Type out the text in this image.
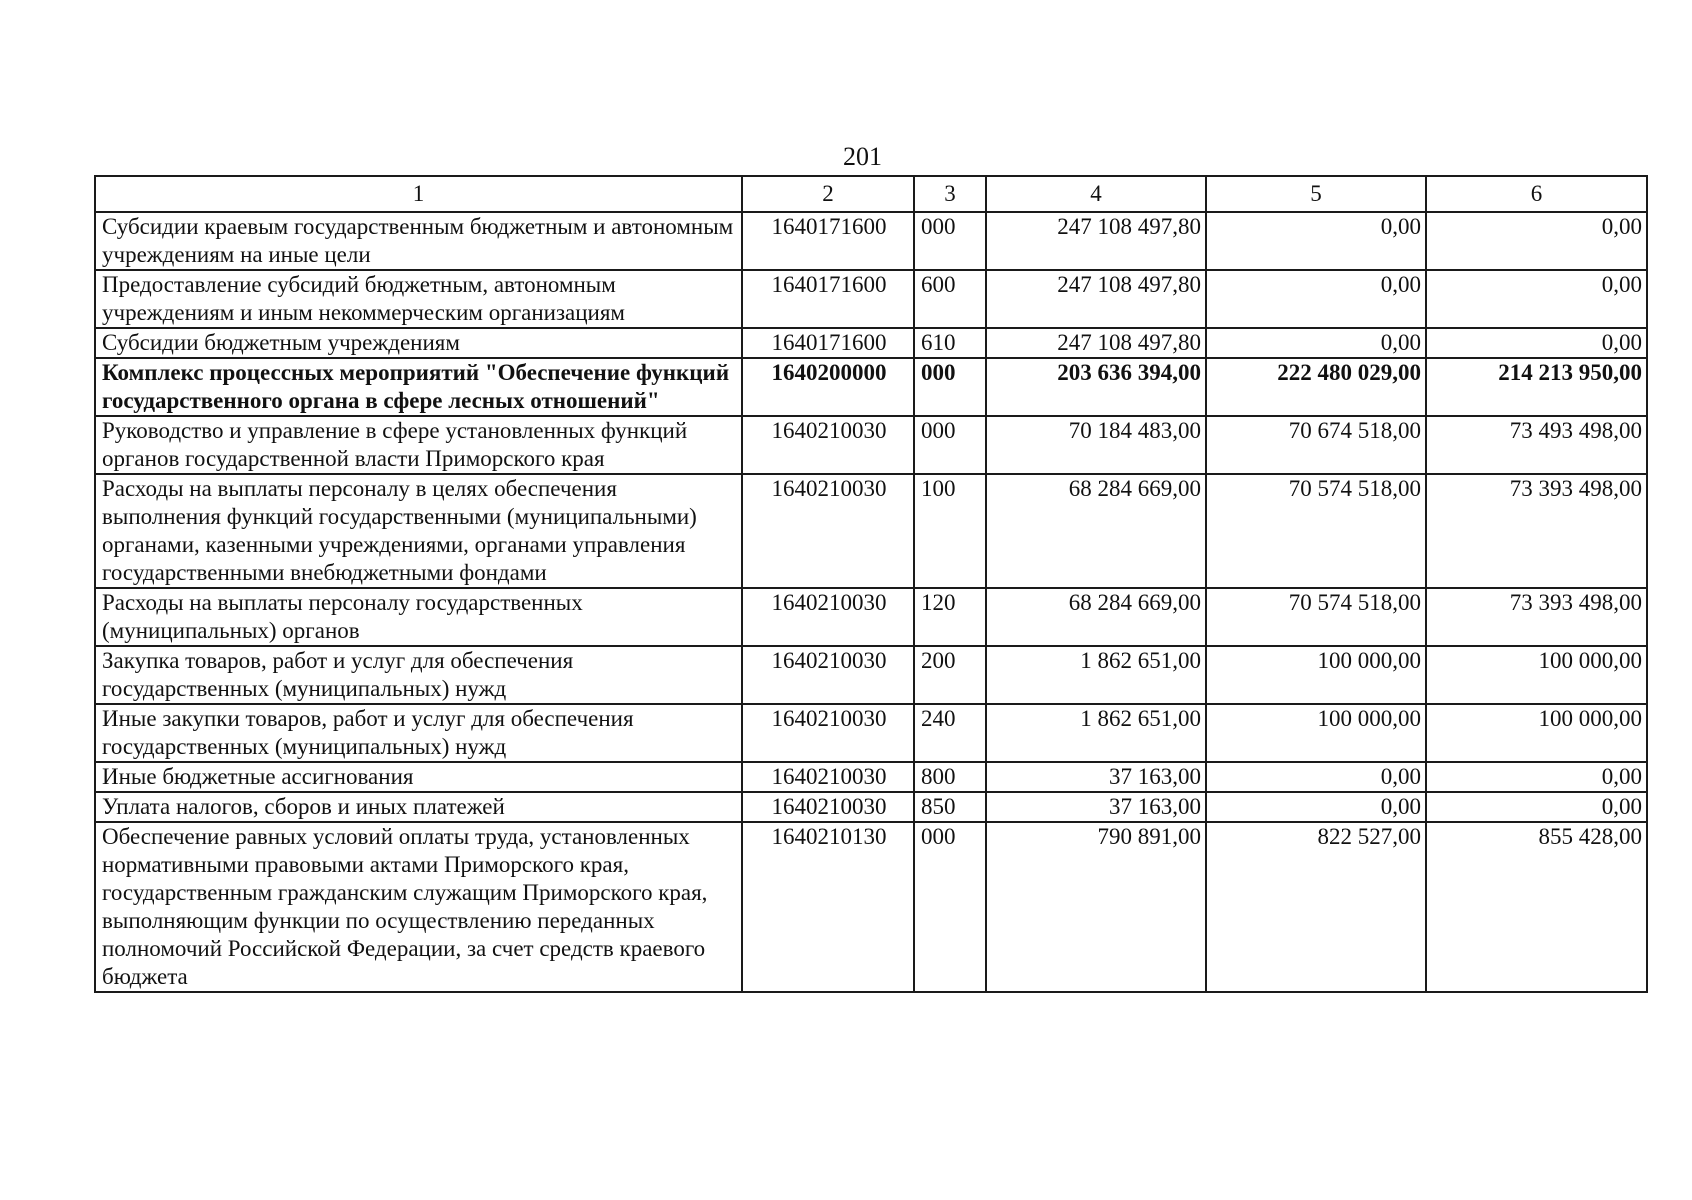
201
1	2	3	4	5	6
Субсидии краевым государственным бюджетным и автономным учреждениям на иные цели	1640171600	000	247 108 497,80	0,00	0,00
Предоставление субсидий бюджетным, автономным учреждениям и иным некоммерческим организациям	1640171600	600	247 108 497,80	0,00	0,00
Субсидии бюджетным учреждениям	1640171600	610	247 108 497,80	0,00	0,00
Комплекс процессных мероприятий "Обеспечение функций государственного органа в сфере лесных отношений"	1640200000	000	203 636 394,00	222 480 029,00	214 213 950,00
Руководство и управление в сфере установленных функций органов государственной власти Приморского края	1640210030	000	70 184 483,00	70 674 518,00	73 493 498,00
Расходы на выплаты персоналу в целях обеспечения выполнения функций государственными (муниципальными) органами, казенными учреждениями, органами управления государственными внебюджетными фондами	1640210030	100	68 284 669,00	70 574 518,00	73 393 498,00
Расходы на выплаты персоналу государственных (муниципальных) органов	1640210030	120	68 284 669,00	70 574 518,00	73 393 498,00
Закупка товаров, работ и услуг для обеспечения государственных (муниципальных) нужд	1640210030	200	1 862 651,00	100 000,00	100 000,00
Иные закупки товаров, работ и услуг для обеспечения государственных (муниципальных) нужд	1640210030	240	1 862 651,00	100 000,00	100 000,00
Иные бюджетные ассигнования	1640210030	800	37 163,00	0,00	0,00
Уплата налогов, сборов и иных платежей	1640210030	850	37 163,00	0,00	0,00
Обеспечение равных условий оплаты труда, установленных нормативными правовыми актами Приморского края, государственным гражданским служащим Приморского края, выполняющим функции по осуществлению переданных полномочий Российской Федерации, за счет средств краевого бюджета	1640210130	000	790 891,00	822 527,00	855 428,00
